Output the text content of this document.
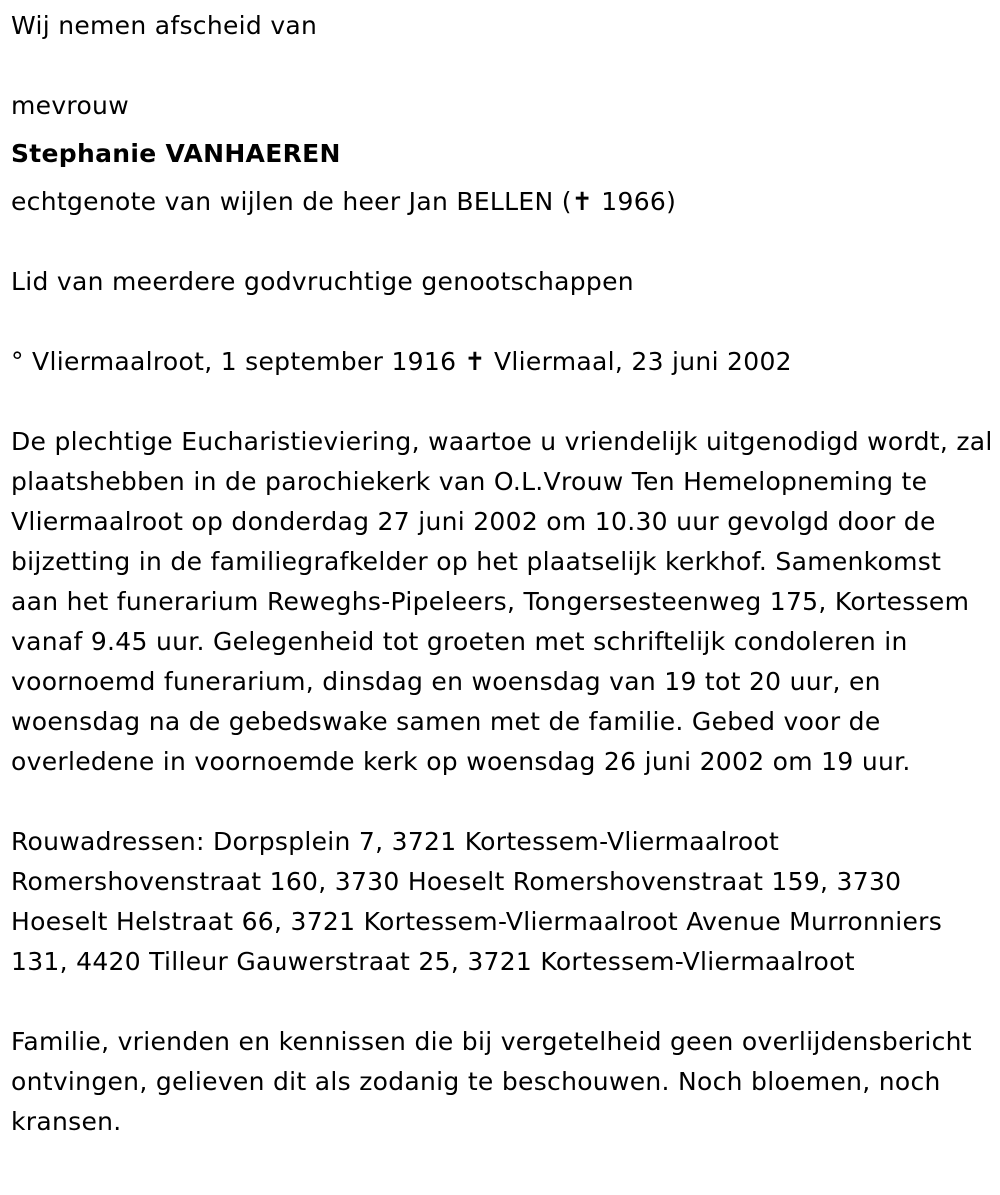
Wij nemen afscheid van

mevrouw

Stephanie VANHAEREN

echtgenote van wijlen de heer Jan BELLEN (✝ 1966)

Lid van meerdere godvruchtige genootschappen

° Vliermaalroot, 1 september 1916 ✝ Vliermaal, 23 juni 2002

De plechtige Eucharistieviering, waartoe u vriendelijk uitgenodigd wordt, zal plaatshebben in de parochiekerk van O.L.Vrouw Ten Hemelopneming te Vliermaalroot op donderdag 27 juni 2002 om 10.30 uur gevolgd door de bijzetting in de familiegrafkelder op het plaatselijk kerkhof. Samenkomst aan het funerarium Reweghs-Pipeleers, Tongersesteenweg 175, Kortessem vanaf 9.45 uur. Gelegenheid tot groeten met schriftelijk condoleren in voornoemd funerarium, dinsdag en woensdag van 19 tot 20 uur, en woensdag na de gebedswake samen met de familie. Gebed voor de overledene in voornoemde kerk op woensdag 26 juni 2002 om 19 uur.

Rouwadressen: Dorpsplein 7, 3721 Kortessem-Vliermaalroot Romershovenstraat 160, 3730 Hoeselt Romershovenstraat 159, 3730 Hoeselt Helstraat 66, 3721 Kortessem-Vliermaalroot Avenue Murronniers 131, 4420 Tilleur Gauwerstraat 25, 3721 Kortessem-Vliermaalroot

Familie, vrienden en kennissen die bij vergetelheid geen overlijdensbericht ontvingen, gelieven dit als zodanig te beschouwen. Noch bloemen, noch kransen.
